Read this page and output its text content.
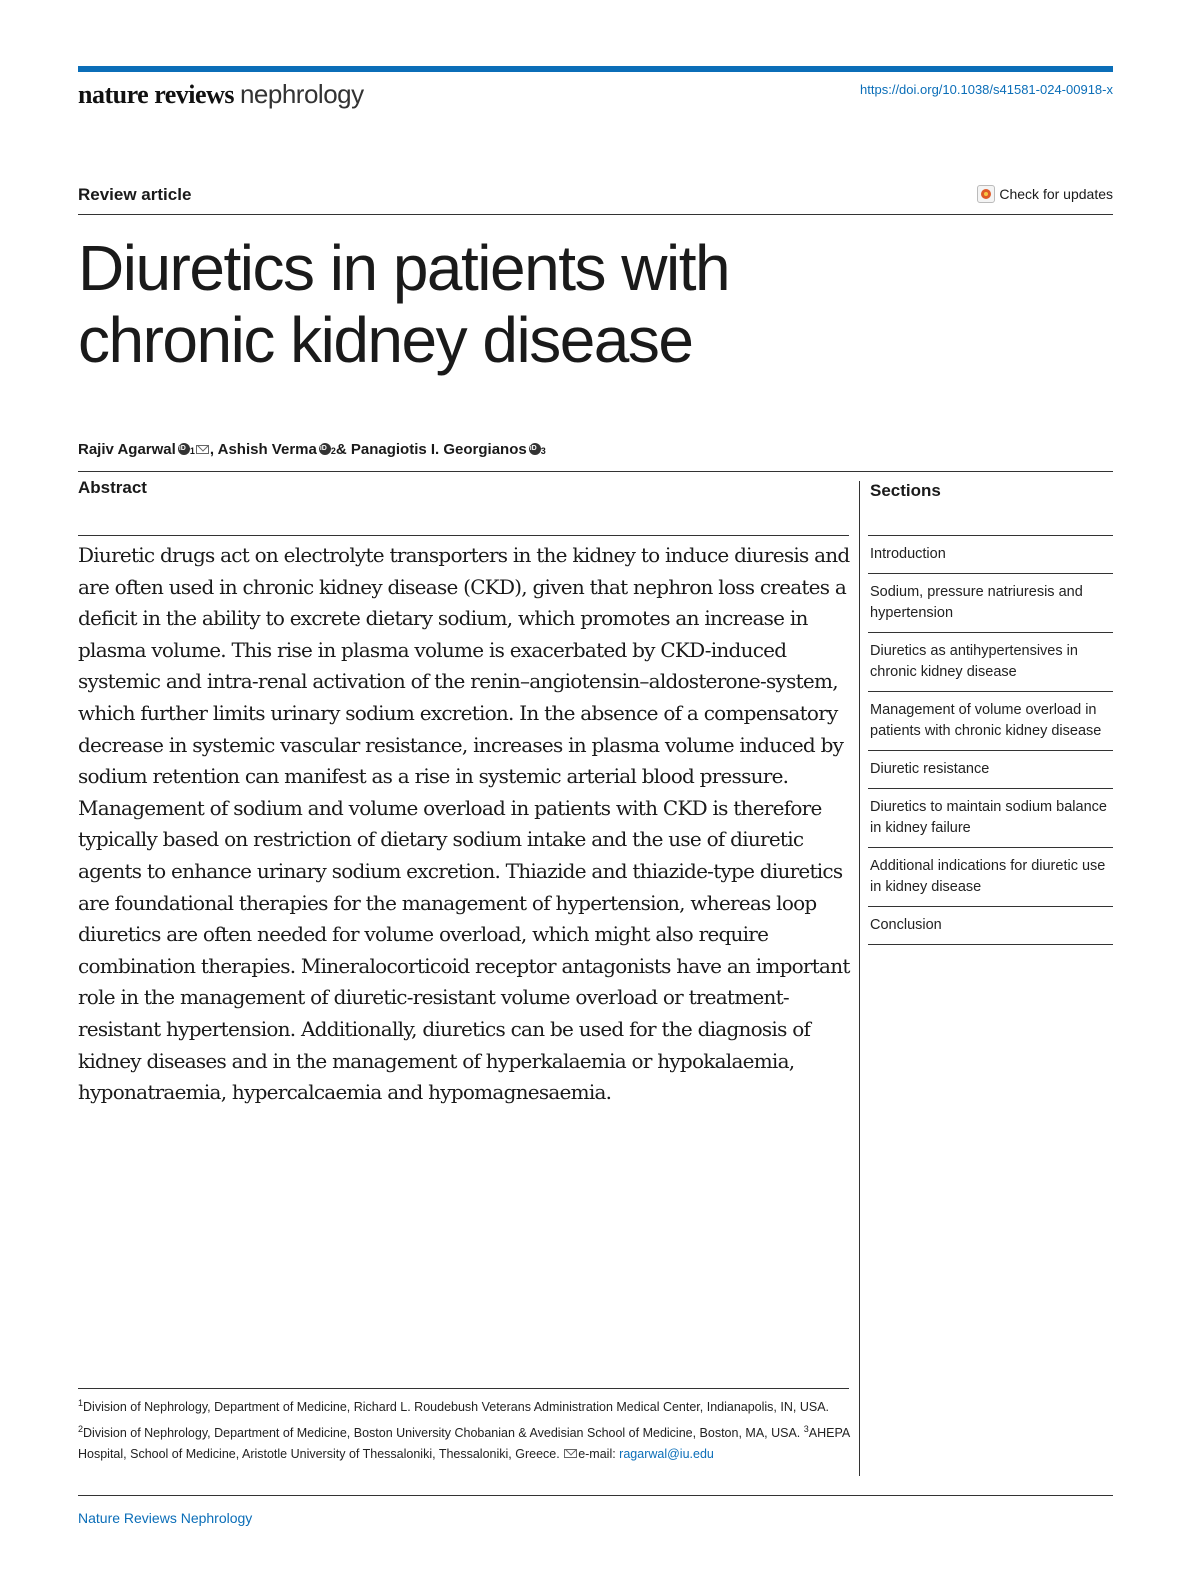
nature reviews nephrology	https://doi.org/10.1038/s41581-024-00918-x
Review article	Check for updates
Diuretics in patients with chronic kidney disease
Rajiv Agarwal iD 1 , Ashish Verma iD 2 & Panagiotis I. Georgianos iD 3
Abstract

Diuretic drugs act on electrolyte transporters in the kidney to induce diuresis and are often used in chronic kidney disease (CKD), given that nephron loss creates a deficit in the ability to excrete dietary sodium, which promotes an increase in plasma volume. This rise in plasma volume is exacerbated by CKD-induced systemic and intra-renal activation of the renin–angiotensin–aldosterone-system, which further limits urinary sodium excretion. In the absence of a compensatory decrease in systemic vascular resistance, increases in plasma volume induced by sodium retention can manifest as a rise in systemic arterial blood pressure. Management of sodium and volume overload in patients with CKD is therefore typically based on restriction of dietary sodium intake and the use of diuretic agents to enhance urinary sodium excretion. Thiazide and thiazide-type diuretics are foundational therapies for the management of hypertension, whereas loop diuretics are often needed for volume overload, which might also require combination therapies. Mineralocorticoid receptor antagonists have an important role in the management of diuretic-resistant volume overload or treatment-resistant hypertension. Additionally, diuretics can be used for the diagnosis of kidney diseases and in the management of hyperkalaemia or hypokalaemia, hyponatraemia, hypercalcaemia and hypomagnesaemia.

Sections
Introduction
Sodium, pressure natriuresis and hypertension
Diuretics as antihypertensives in chronic kidney disease
Management of volume overload in patients with chronic kidney disease
Diuretic resistance
Diuretics to maintain sodium balance in kidney failure
Additional indications for diuretic use in kidney disease
Conclusion

$^1$Division of Nephrology, Department of Medicine, Richard L. Roudebush Veterans Administration Medical Center, Indianapolis, IN, USA. $^2$Division of Nephrology, Department of Medicine, Boston University Chobanian & Avedisian School of Medicine, Boston, MA, USA. $^3$AHEPA Hospital, School of Medicine, Aristotle University of Thessaloniki, Thessaloniki, Greece. e-mail: ragarwal@iu.edu

Nature Reviews Nephrology
